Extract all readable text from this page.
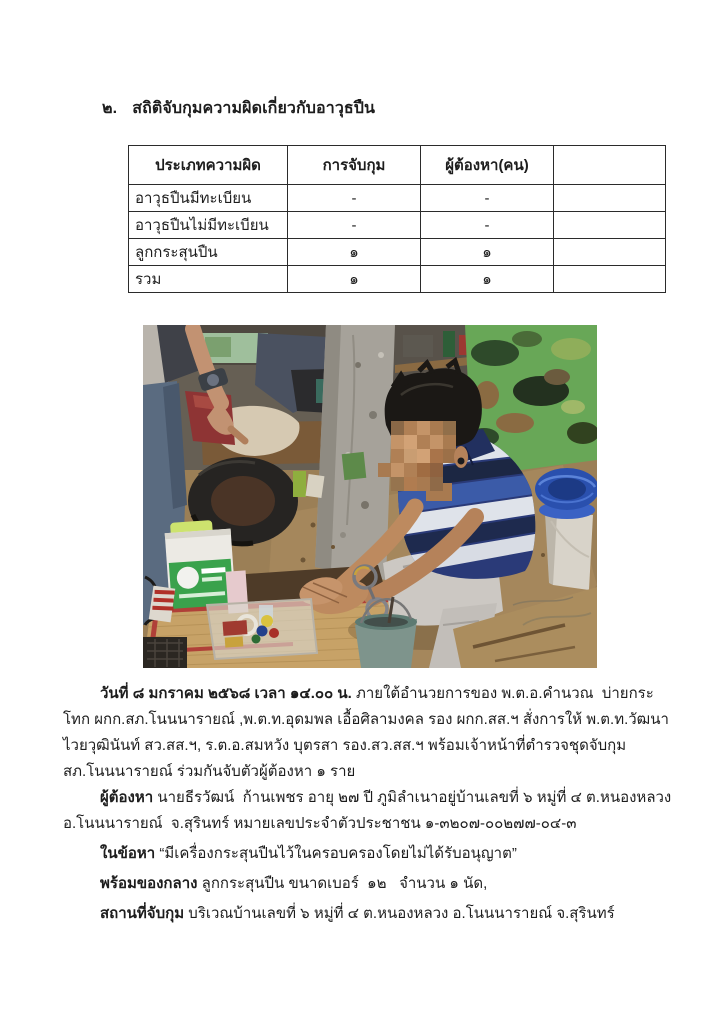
๒. สถิติจับกุมความผิดเกี่ยวกับอาวุธปืน
ประเภทความผิด	การจับกุม	ผู้ต้องหา(คน)	
อาวุธปืนมีทะเบียน	-	-	
อาวุธปืนไม่มีทะเบียน	-	-	
ลูกกระสุนปืน	๑	๑	
รวม	๑	๑	

วันที่ ๘ มกราคม ๒๕๖๘ เวลา ๑๔.๐๐ น. ภายใต้อำนวยการของ พ.ต.อ.คำนวณ  บ่ายกระโทก ผกก.สภ.โนนนารายณ์ ,พ.ต.ท.อุดมพล เอื้อศิลามงคล รอง ผกก.สส.ฯ สั่งการให้ พ.ต.ท.วัฒนา ไวยวุฒินันท์ สว.สส.ฯ, ร.ต.อ.สมหวัง บุตรสา รอง.สว.สส.ฯ พร้อมเจ้าหน้าที่ตำรวจชุดจับกุม สภ.โนนนารายณ์ ร่วมกันจับตัวผู้ต้องหา ๑ ราย

ผู้ต้องหา นายธีรวัฒน์  ก้านเพชร อายุ ๒๗ ปี ภูมิลำเนาอยู่บ้านเลขที่ ๖ หมู่ที่ ๔ ต.หนองหลวง อ.โนนนารายณ์  จ.สุรินทร์ หมายเลขประจำตัวประชาชน ๑-๓๒๐๗-๐๐๒๗๗-๐๔-๓

ในข้อหา “มีเครื่องกระสุนปืนไว้ในครอบครองโดยไม่ได้รับอนุญาต”

พร้อมของกลาง ลูกกระสุนปืน ขนาดเบอร์  ๑๒   จำนวน ๑ นัด,

สถานที่จับกุม บริเวณบ้านเลขที่ ๖ หมู่ที่ ๔ ต.หนองหลวง อ.โนนนารายณ์ จ.สุรินทร์
